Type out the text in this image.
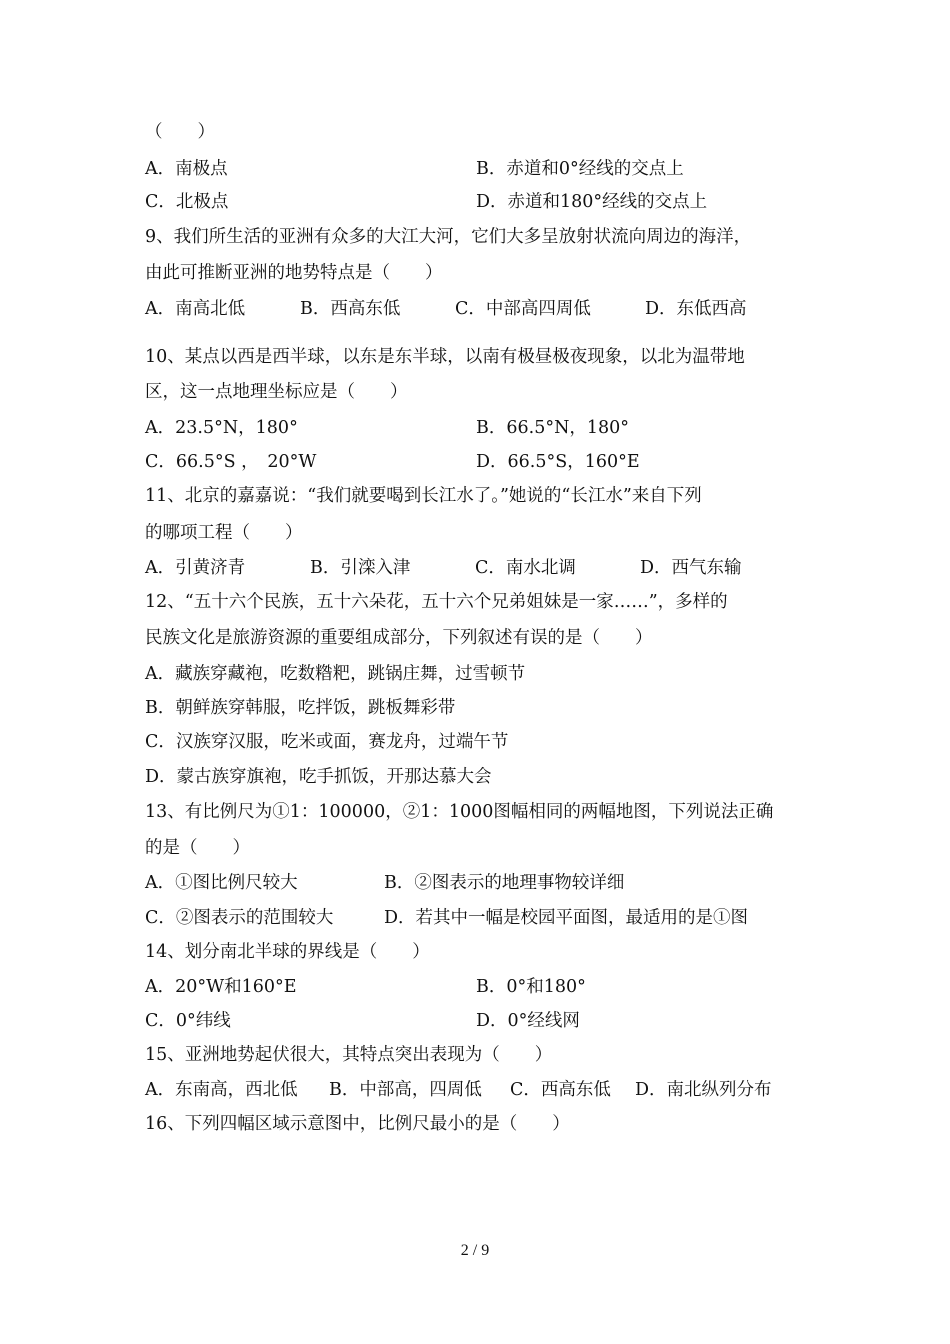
（　　）
A．南极点	B．赤道和0°经线的交点上
C．北极点	D．赤道和180°经线的交点上
9、我们所生活的亚洲有众多的大江大河，它们大多呈放射状流向周边的海洋，
由此可推断亚洲的地势特点是（　　）
A．南高北低	B．西高东低	C．中部高四周低	D．东低西高
10、某点以西是西半球，以东是东半球，以南有极昼极夜现象，以北为温带地
区，这一点地理坐标应是（　　）
A．23.5°N，180°	B．66.5°N，180°
C．66.5°S ，　20°W	D．66.5°S，160°E
11、北京的嘉嘉说：“我们就要喝到长江水了。”她说的“长江水”来自下列
的哪项工程（　　）
A．引黄济青	B．引滦入津	C．南水北调	D．西气东输
12、“五十六个民族，五十六朵花，五十六个兄弟姐妹是一家……”，多样的
民族文化是旅游资源的重要组成部分，下列叙述有误的是（　　）
A．藏族穿藏袍，吃数糌粑，跳锅庄舞，过雪顿节
B．朝鲜族穿韩服，吃拌饭，跳板舞彩带
C．汉族穿汉服，吃米或面，赛龙舟，过端午节
D．蒙古族穿旗袍，吃手抓饭，开那达慕大会
13、有比例尺为①1：100000，②1：1000图幅相同的两幅地图，下列说法正确
的是（　　）
A．①图比例尺较大	B．②图表示的地理事物较详细
C．②图表示的范围较大	D．若其中一幅是校园平面图，最适用的是①图
14、划分南北半球的界线是（　　）
A．20°W和160°E	B．0°和180°
C．0°纬线	D．0°经线网
15、亚洲地势起伏很大，其特点突出表现为（　　）
A．东南高，西北低 B．中部高，四周低 C．西高东低 D．南北纵列分布
16、下列四幅区域示意图中，比例尺最小的是（　　）
2 / 9
